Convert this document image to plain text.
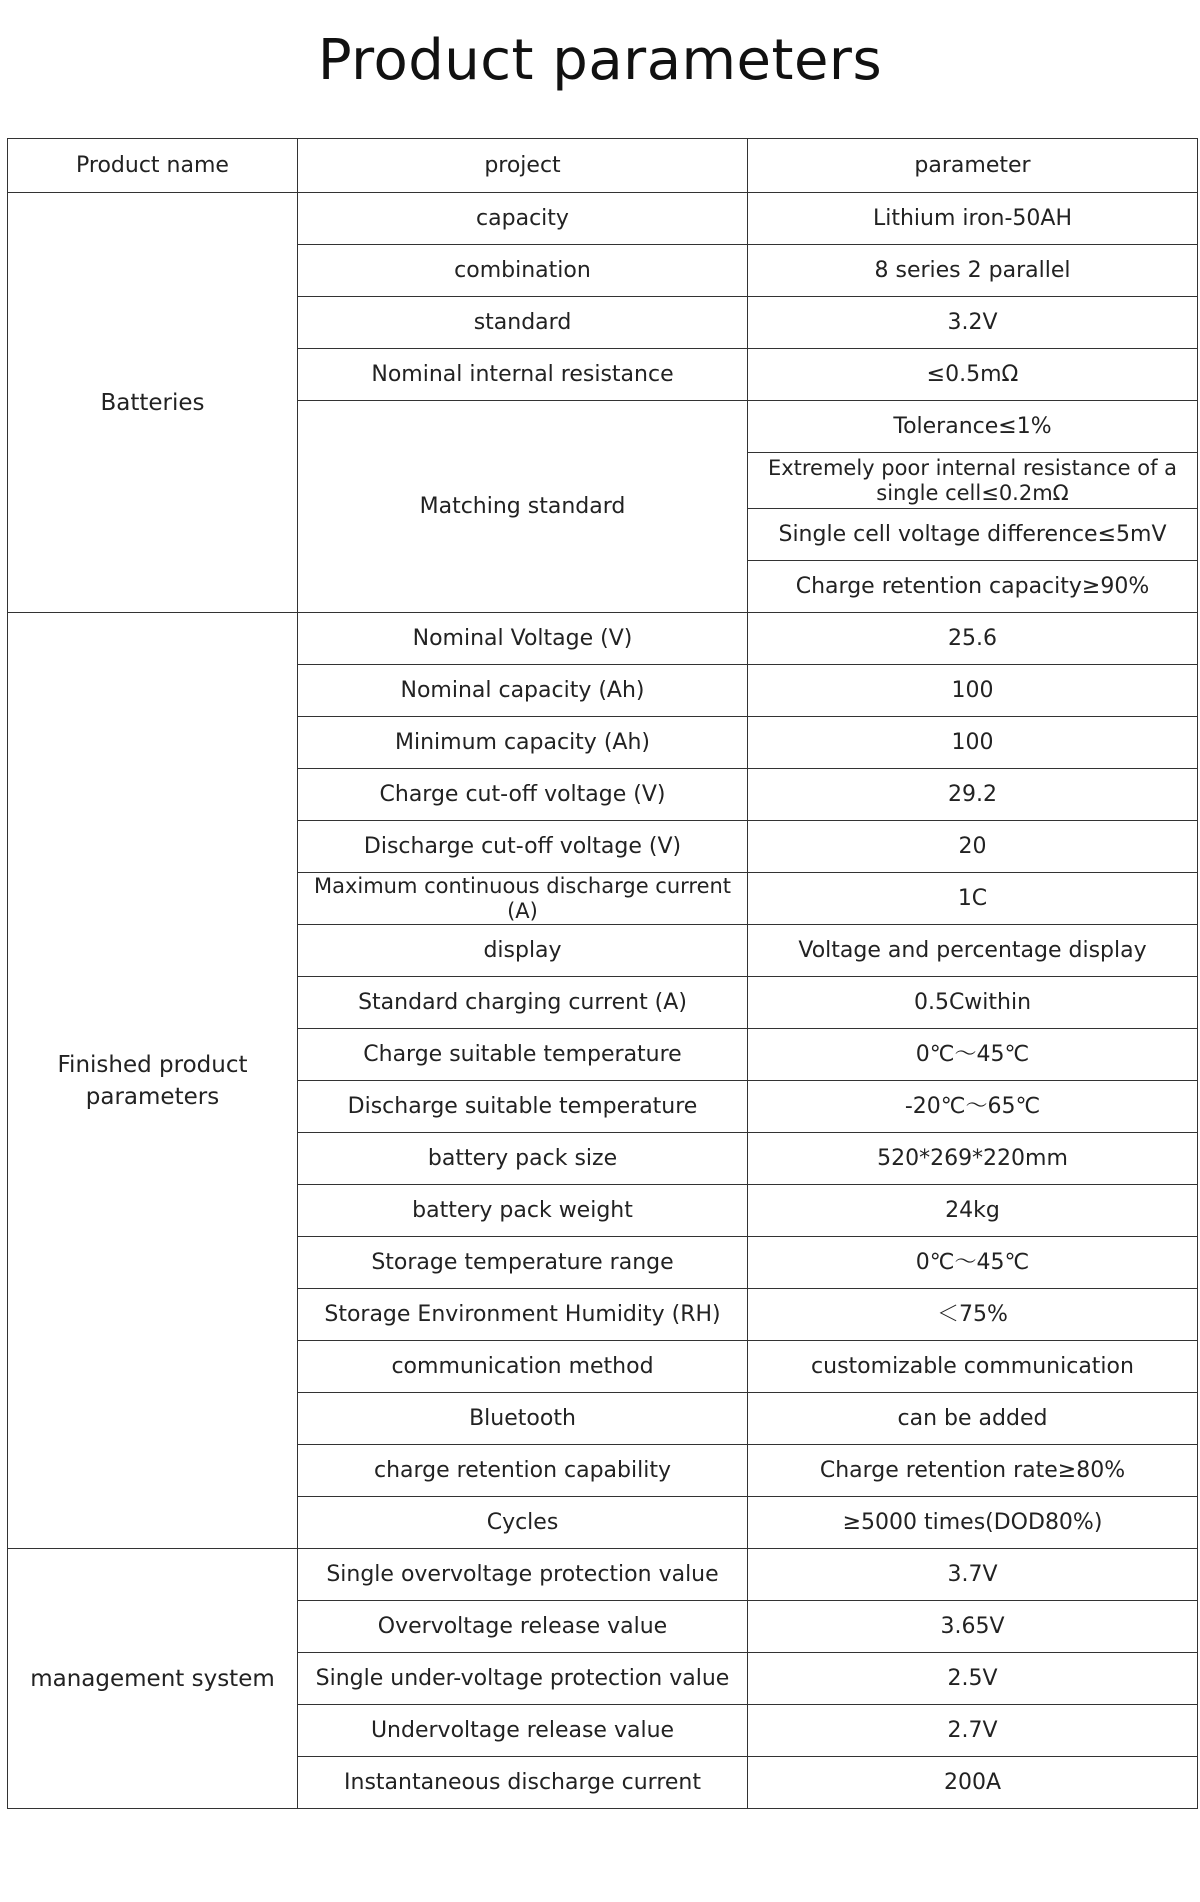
Product parameters
Product name	project	parameter
Batteries	capacity	Lithium iron-50AH
	combination	8 series 2 parallel
	standard	3.2V
	Nominal internal resistance	≤0.5mΩ
	Matching standard	Tolerance≤1%
		Extremely poor internal resistance of a single cell≤0.2mΩ
		Single cell voltage difference≤5mV
		Charge retention capacity≥90%
Finished product parameters	Nominal Voltage (V)	25.6
	Nominal capacity (Ah)	100
	Minimum capacity (Ah)	100
	Charge cut-off voltage (V)	29.2
	Discharge cut-off voltage (V)	20
	Maximum continuous discharge current (A)	1C
	display	Voltage and percentage display
	Standard charging current (A)	0.5Cwithin
	Charge suitable temperature	0℃～45℃
	Discharge suitable temperature	-20℃～65℃
	battery pack size	520*269*220mm
	battery pack weight	24kg
	Storage temperature range	0℃～45℃
	Storage Environment Humidity (RH)	＜75%
	communication method	customizable communication
	Bluetooth	can be added
	charge retention capability	Charge retention rate≥80%
	Cycles	≥5000 times(DOD80%)
management system	Single overvoltage protection value	3.7V
	Overvoltage release value	3.65V
	Single under-voltage protection value	2.5V
	Undervoltage release value	2.7V
	Instantaneous discharge current	200A
